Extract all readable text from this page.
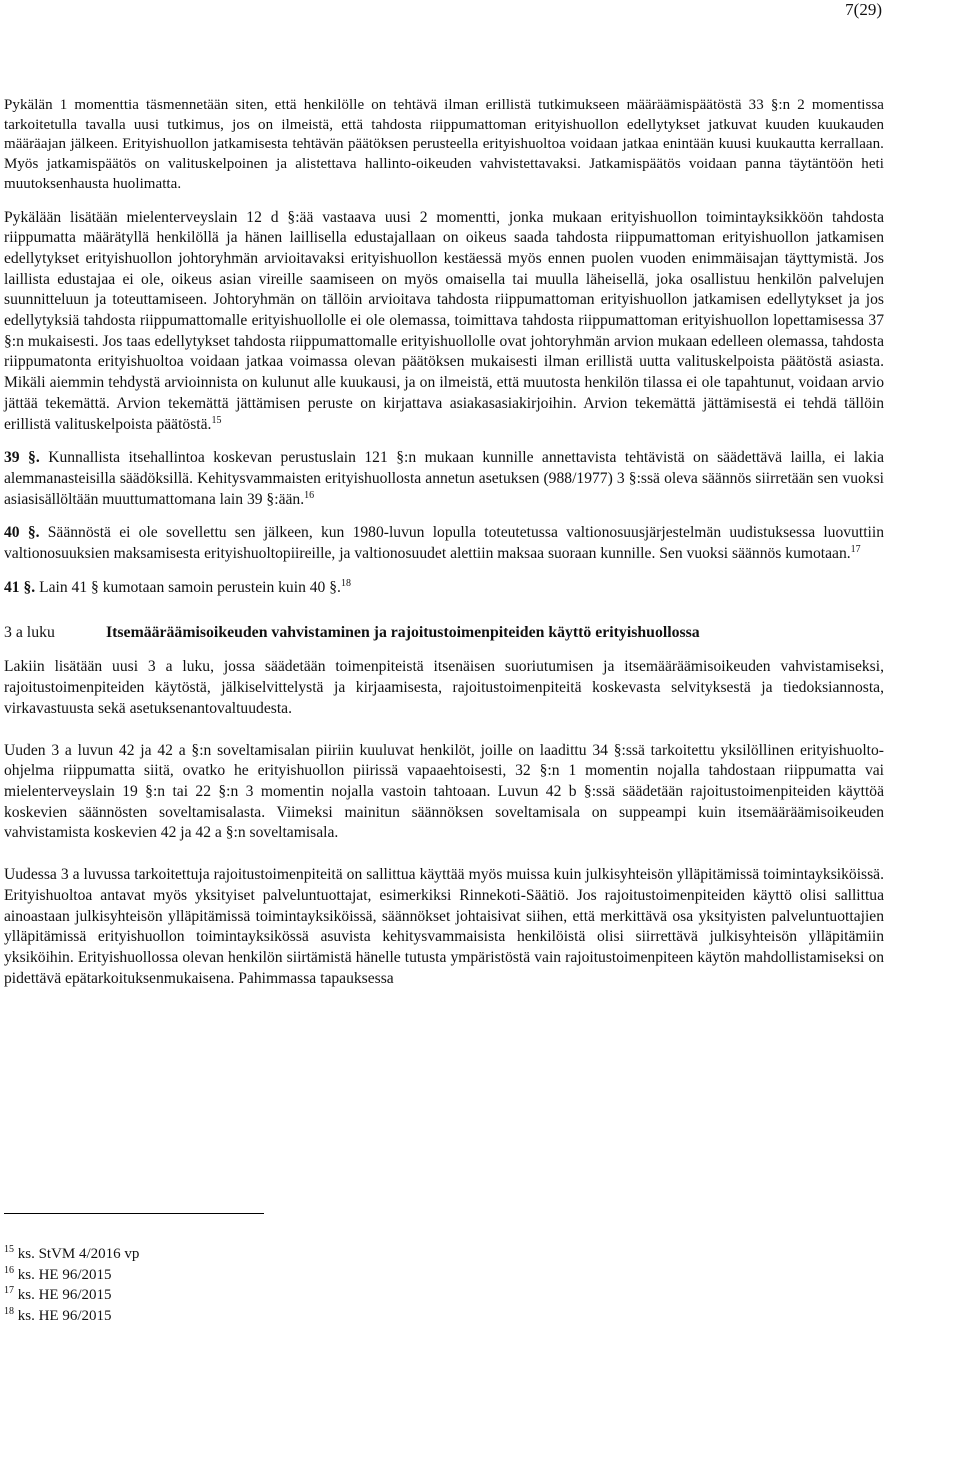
7(29)

Pykälän 1 momenttia täsmennetään siten, että henkilölle on tehtävä ilman erillistä tutkimukseen määräämispäätöstä 33 §:n 2 momentissa tarkoitetulla tavalla uusi tutkimus, jos on ilmeistä, että tahdosta riippumattoman erityishuollon edellytykset jatkuvat kuuden kuukauden määräajan jälkeen. Erityishuollon jatkamisesta tehtävän päätöksen perusteella erityishuoltoa voidaan jatkaa enintään kuusi kuukautta kerrallaan. Myös jatkamispäätös on valituskelpoinen ja alistettava hallinto-oikeuden vahvistettavaksi. Jatkamispäätös voidaan panna täytäntöön heti muutoksenhausta huolimatta.

Pykälään lisätään mielenterveyslain 12 d §:ää vastaava uusi 2 momentti, jonka mukaan erityishuollon toimintayksikköön tahdosta riippumatta määrätyllä henkilöllä ja hänen laillisella edustajallaan on oikeus saada tahdosta riippumattoman erityishuollon jatkamisen edellytykset erityishuollon johtoryhmän arvioitavaksi erityishuollon kestäessä myös ennen puolen vuoden enimmäisajan täyttymistä. Jos laillista edustajaa ei ole, oikeus asian vireille saamiseen on myös omaisella tai muulla läheisellä, joka osallistuu henkilön palvelujen suunnitteluun ja toteuttamiseen. Johtoryhmän on tällöin arvioitava tahdosta riippumattoman erityishuollon jatkamisen edellytykset ja jos edellytyksiä tahdosta riippumattomalle erityishuollolle ei ole olemassa, toimittava tahdosta riippumattoman erityishuollon lopettamisessa 37 §:n mukaisesti. Jos taas edellytykset tahdosta riippumattomalle erityishuollolle ovat johtoryhmän arvion mukaan edelleen olemassa, tahdosta riippumatonta erityishuoltoa voidaan jatkaa voimassa olevan päätöksen mukaisesti ilman erillistä uutta valituskelpoista päätöstä asiasta. Mikäli aiemmin tehdystä arvioinnista on kulunut alle kuukausi, ja on ilmeistä, että muutosta henkilön tilassa ei ole tapahtunut, voidaan arvio jättää tekemättä. Arvion tekemättä jättämisen peruste on kirjattava asiakasasiakirjoihin. Arvion tekemättä jättämisestä ei tehdä tällöin erillistä valituskelpoista päätöstä.$^{15}$

39 §. Kunnallista itsehallintoa koskevan perustuslain 121 §:n mukaan kunnille annettavista tehtävistä on säädettävä lailla, ei lakia alemmanasteisilla säädöksillä. Kehitysvammaisten erityishuollosta annetun asetuksen (988/1977) 3 §:ssä oleva säännös siirretään sen vuoksi asiasisällöltään muuttumattomana lain 39 §:ään.$^{16}$

40 §. Säännöstä ei ole sovellettu sen jälkeen, kun 1980-luvun lopulla toteutetussa valtionosuusjärjestelmän uudistuksessa luovuttiin valtionosuuksien maksamisesta erityishuoltopiireille, ja valtionosuudet alettiin maksaa suoraan kunnille. Sen vuoksi säännös kumotaan.$^{17}$

41 §. Lain 41 § kumotaan samoin perustein kuin 40 §.$^{18}$

3 a luku	Itsemääräämisoikeuden vahvistaminen ja rajoitustoimenpiteiden käyttö erityishuollossa

Lakiin lisätään uusi 3 a luku, jossa säädetään toimenpiteistä itsenäisen suoriutumisen ja itsemääräämisoikeuden vahvistamiseksi, rajoitustoimenpiteiden käytöstä, jälkiselvittelystä ja kirjaamisesta, rajoitustoimenpiteitä koskevasta selvityksestä ja tiedoksiannosta, virkavastuusta sekä asetuksenantovaltuudesta.

Uuden 3 a luvun 42 ja 42 a §:n soveltamisalan piiriin kuuluvat henkilöt, joille on laadittu 34 §:ssä tarkoitettu yksilöllinen erityishuolto-ohjelma riippumatta siitä, ovatko he erityishuollon piirissä vapaaehtoisesti, 32 §:n 1 momentin nojalla tahdostaan riippumatta vai mielenterveyslain 19 §:n tai 22 §:n 3 momentin nojalla vastoin tahtoaan. Luvun 42 b §:ssä säädetään rajoitustoimenpiteiden käyttöä koskevien säännösten soveltamisalasta. Viimeksi mainitun säännöksen soveltamisala on suppeampi kuin itsemääräämisoikeuden vahvistamista koskevien 42 ja 42 a §:n soveltamisala.

Uudessa 3 a luvussa tarkoitettuja rajoitustoimenpiteitä on sallittua käyttää myös muissa kuin julkisyhteisön ylläpitämissä toimintayksiköissä. Erityishuoltoa antavat myös yksityiset palveluntuottajat, esimerkiksi Rinnekoti-Säätiö. Jos rajoitustoimenpiteiden käyttö olisi sallittua ainoastaan julkisyhteisön ylläpitämissä toimintayksiköissä, säännökset johtaisivat siihen, että merkittävä osa yksityisten palveluntuottajien ylläpitämissä erityishuollon toimintayksikössä asuvista kehitysvammaisista henkilöistä olisi siirrettävä julkisyhteisön ylläpitämiin yksiköihin. Erityishuollossa olevan henkilön siirtämistä hänelle tutusta ympäristöstä vain rajoitustoimenpiteen käytön mahdollistamiseksi on pidettävä epätarkoituksenmukaisena. Pahimmassa tapauksessa

$^{15}$ ks. StVM 4/2016 vp
$^{16}$ ks. HE 96/2015
$^{17}$ ks. HE 96/2015
$^{18}$ ks. HE 96/2015
